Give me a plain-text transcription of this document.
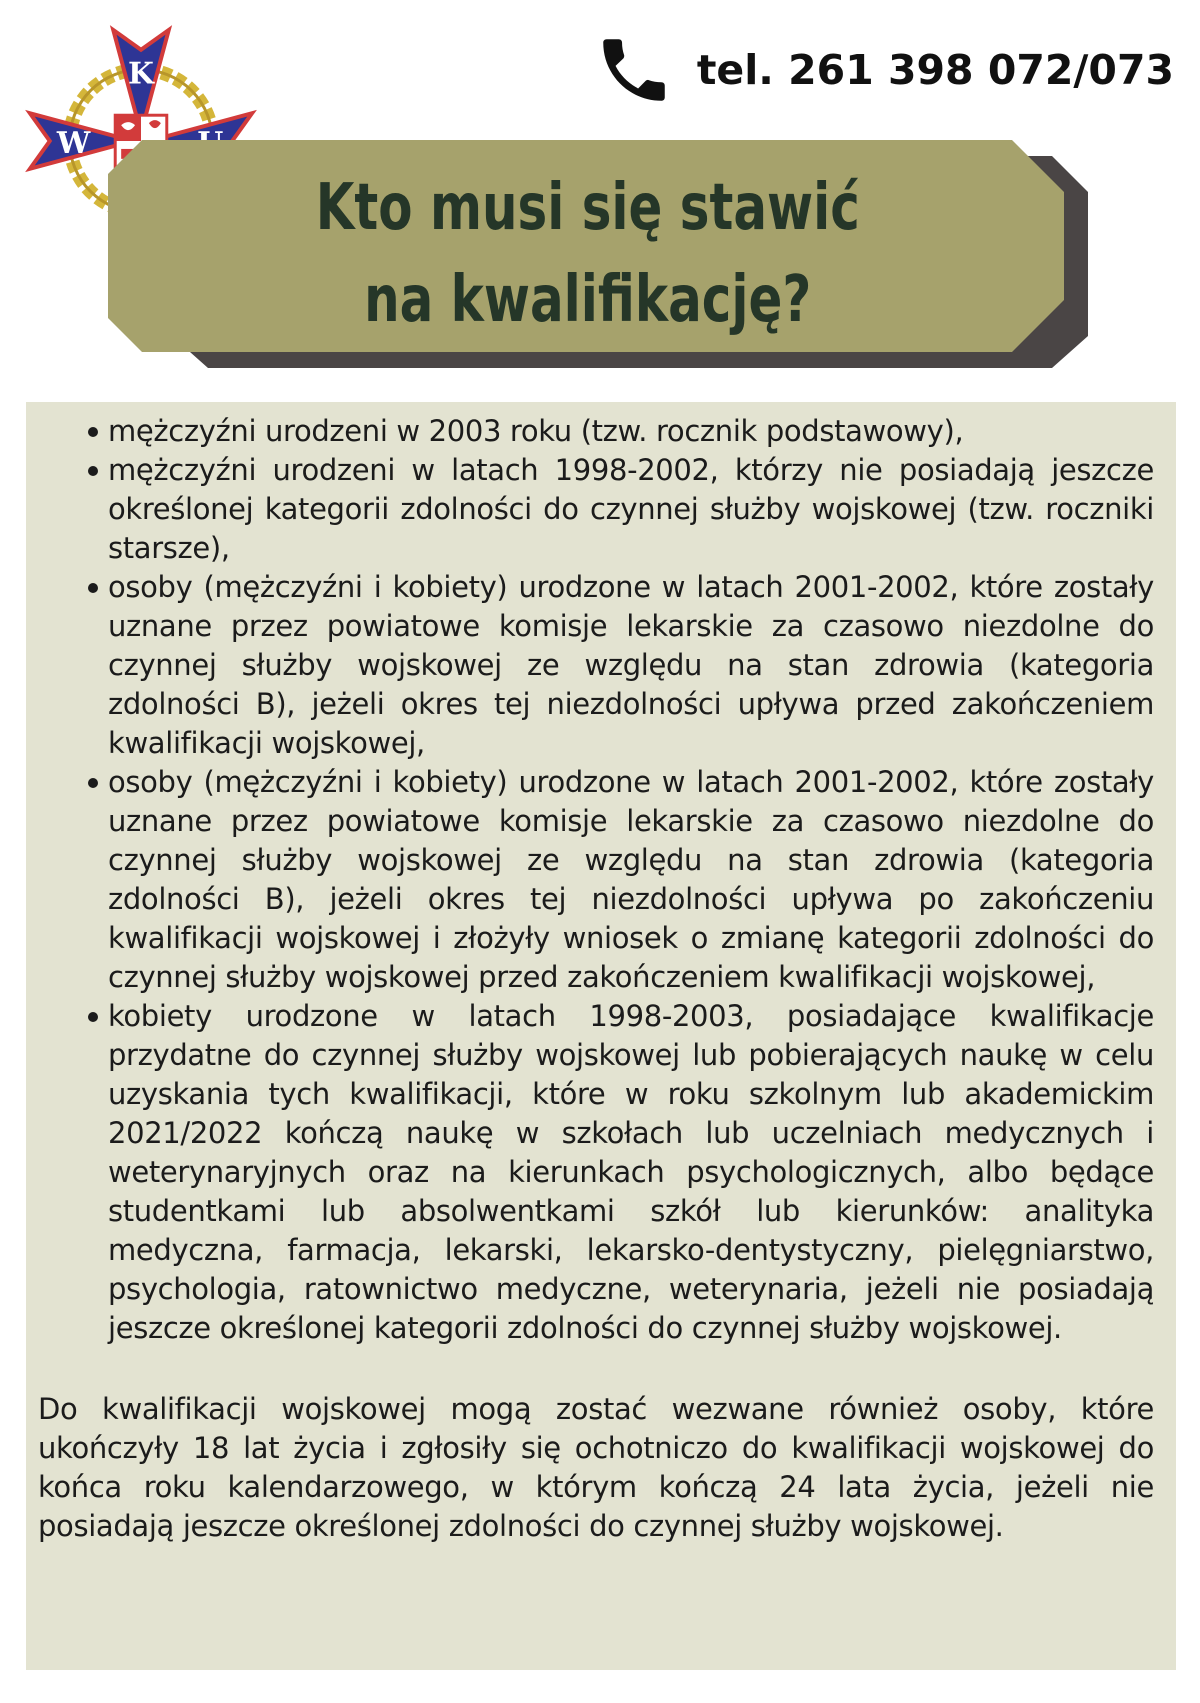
K
W
tel. 261 398 072/073
Kto musi się stawić
na kwalifikację?
mężczyźni urodzeni w 2003 roku (tzw. rocznik podstawowy),
mężczyźni urodzeni w latach 1998-2002, którzy nie posiadają jeszcze określonej kategorii zdolności do czynnej służby wojskowej (tzw. roczniki starsze),
osoby (mężczyźni i kobiety) urodzone w latach 2001-2002, które zostały uznane przez powiatowe komisje lekarskie za czasowo niezdolne do czynnej służby wojskowej ze względu na stan zdrowia (kategoria zdolności B), jeżeli okres tej niezdolności upływa przed zakończeniem kwalifikacji wojskowej,
osoby (mężczyźni i kobiety) urodzone w latach 2001-2002, które zostały uznane przez powiatowe komisje lekarskie za czasowo niezdolne do czynnej służby wojskowej ze względu na stan zdrowia (kategoria zdolności B), jeżeli okres tej niezdolności upływa po zakończeniu kwalifikacji wojskowej i złożyły wniosek o zmianę kategorii zdolności do czynnej służby wojskowej przed zakończeniem kwalifikacji wojskowej,
kobiety urodzone w latach 1998-2003, posiadające kwalifikacje przydatne do czynnej służby wojskowej lub pobierających naukę w celu uzyskania tych kwalifikacji, które w roku szkolnym lub akademickim 2021/2022 kończą naukę w szkołach lub uczelniach medycznych i weterynaryjnych oraz na kierunkach psychologicznych, albo będące studentkami lub absolwentkami szkół lub kierunków: analityka medyczna, farmacja, lekarski, lekarsko-dentystyczny, pielęgniarstwo, psychologia, ratownictwo medyczne, weterynaria, jeżeli nie posiadają jeszcze określonej kategorii zdolności do czynnej służby wojskowej.

Do kwalifikacji wojskowej mogą zostać wezwane również osoby, które ukończyły 18 lat życia i zgłosiły się ochotniczo do kwalifikacji wojskowej do końca roku kalendarzowego, w którym kończą 24 lata życia, jeżeli nie posiadają jeszcze określonej zdolności do czynnej służby wojskowej.
